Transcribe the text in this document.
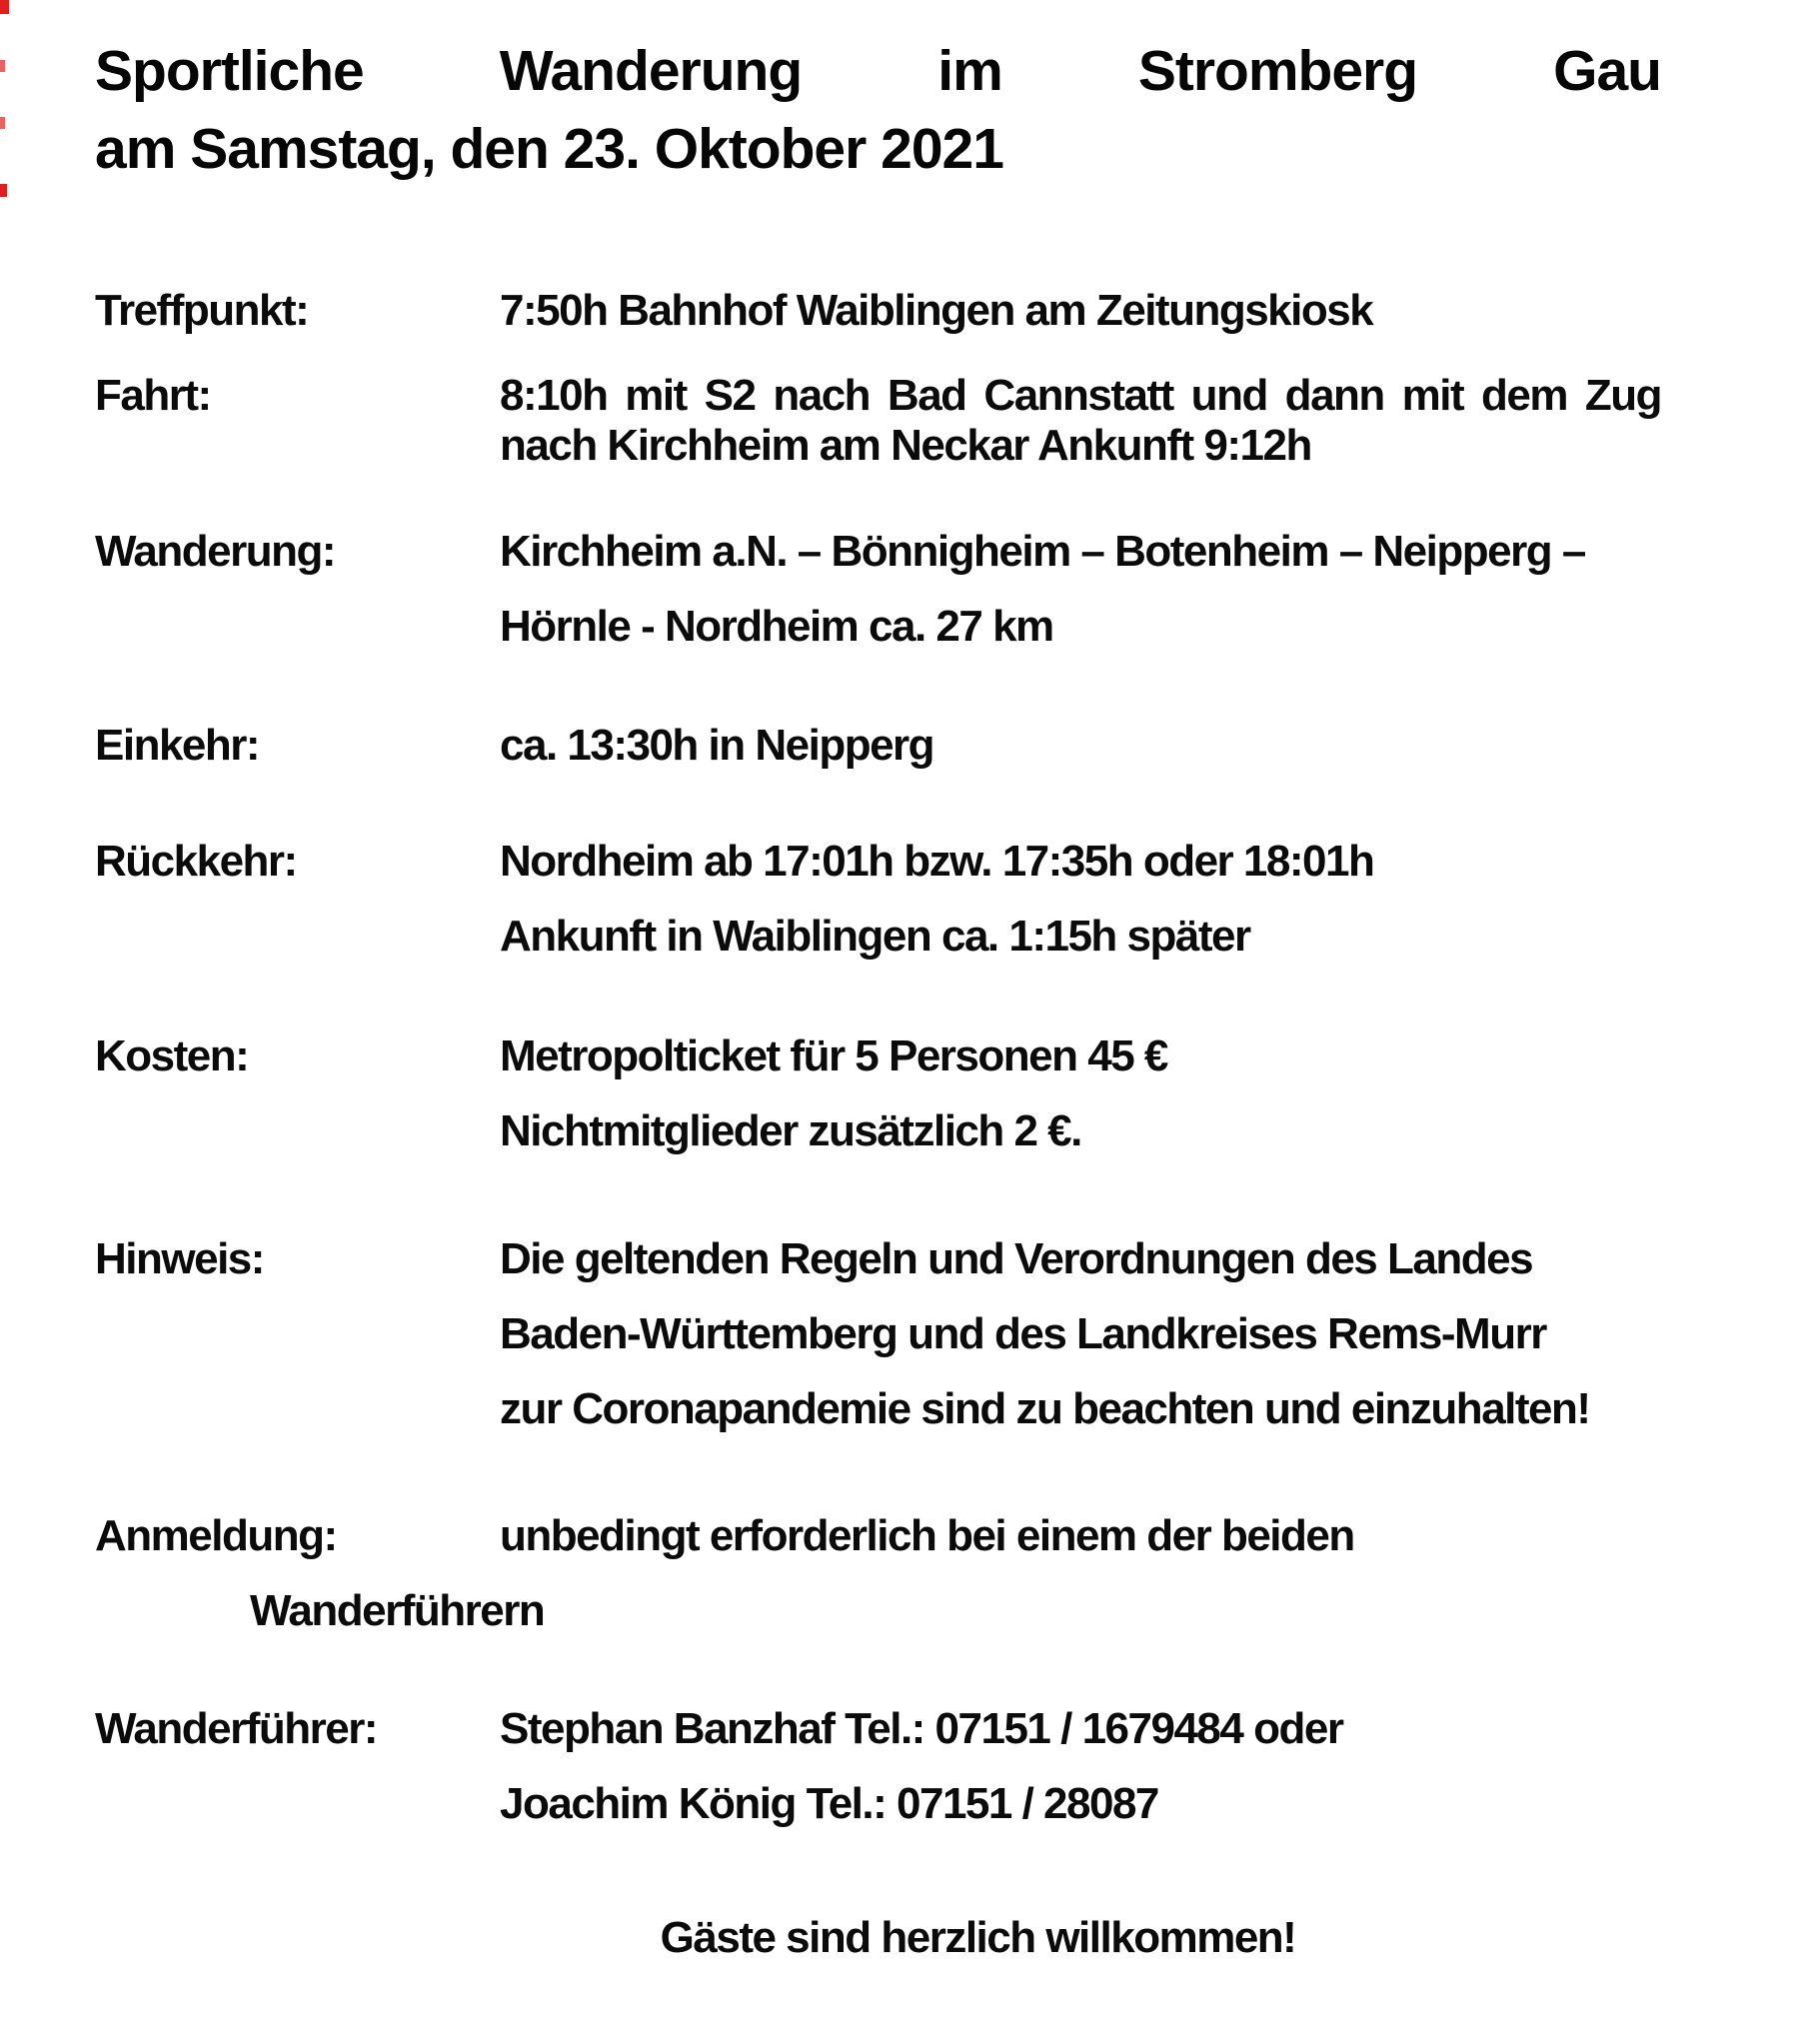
Sportliche Wanderung im Stromberg Gau
am Samstag, den 23. Oktober 2021
Treffpunkt:	7:50h Bahnhof Waiblingen am Zeitungskiosk
Fahrt:	8:10h mit S2 nach Bad Cannstatt und dann mit dem Zug
nach Kirchheim am Neckar Ankunft 9:12h
Wanderung:	Kirchheim a.N. – Bönnigheim – Botenheim – Neipperg –
Hörnle - Nordheim ca. 27 km
Einkehr:	ca. 13:30h in Neipperg
Rückkehr:	Nordheim ab 17:01h bzw. 17:35h oder 18:01h
Ankunft in Waiblingen ca. 1:15h später
Kosten:	Metropolticket für 5 Personen 45 €
Nichtmitglieder zusätzlich 2 €.
Hinweis:	Die geltenden Regeln und Verordnungen des Landes
Baden-Württemberg und des Landkreises Rems-Murr
zur Coronapandemie sind zu beachten und einzuhalten!
Anmeldung:	unbedingt erforderlich bei einem der beiden
Wanderführern
Wanderführer:	Stephan Banzhaf Tel.: 07151 / 1679484 oder
Joachim König Tel.: 07151 / 28087
Gäste sind herzlich willkommen!
